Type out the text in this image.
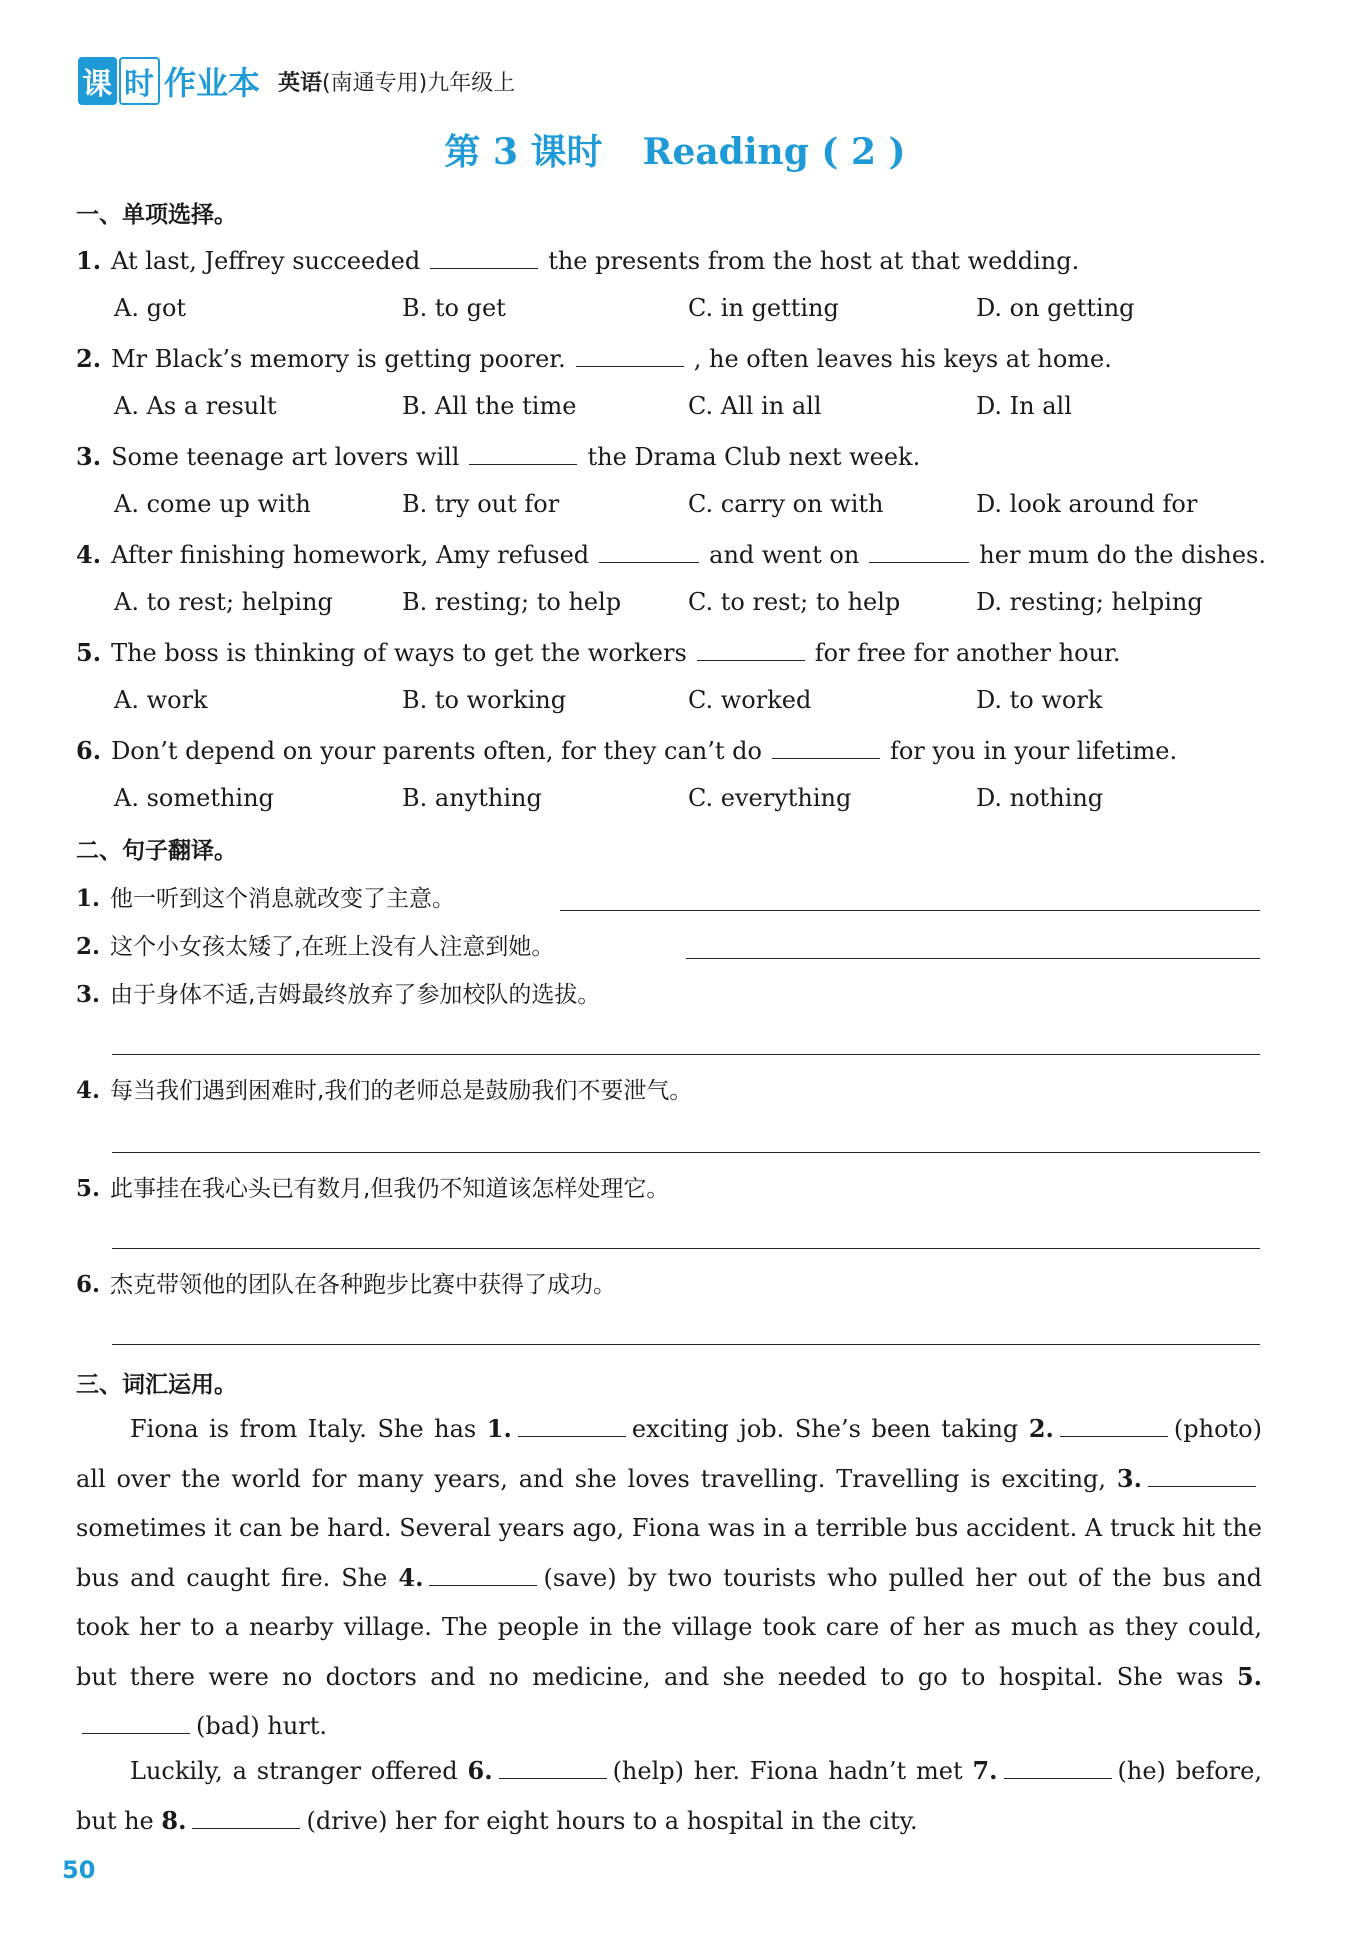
课 时 作业本 英语(南通专用)九年级上
第 3 课时 Reading ( 2 )
一、单项选择。
1. At last, Jeffrey succeeded	the presents from the host at that wedding.
A. got	B. to get	C. in getting	D. on getting
2. Mr Black’s memory is getting poorer.	, he often leaves his keys at home.
A. As a result	B. All the time	C. All in all	D. In all
3. Some teenage art lovers will	the Drama Club next week.
A. come up with	B. try out for	C. carry on with	D. look around for
4. After finishing homework, Amy refused	and went on	her mum do the dishes.
A. to rest; helping	B. resting; to help	C. to rest; to help	D. resting; helping
5. The boss is thinking of ways to get the workers	for free for another hour.
A. work	B. to working	C. worked	D. to work
6. Don’t depend on your parents often, for they can’t do	for you in your lifetime.
A. something	B. anything	C. everything	D. nothing
二、句子翻译。
1. 他一听到这个消息就改变了主意。
2. 这个小女孩太矮了,在班上没有人注意到她。
3. 由于身体不适,吉姆最终放弃了参加校队的选拔。
4. 每当我们遇到困难时,我们的老师总是鼓励我们不要泄气。
5. 此事挂在我心头已有数月,但我仍不知道该怎样处理它。
6. 杰克带领他的团队在各种跑步比赛中获得了成功。
三、词汇运用。
Fiona is from Italy. She has 1.	exciting job. She’s been taking 2.	(photo) all over the world for many years, and she loves travelling. Travelling is exciting, 3. sometimes it can be hard. Several years ago, Fiona was in a terrible bus accident. A truck hit the bus and caught fire. She 4.	(save) by two tourists who pulled her out of the bus and took her to a nearby village. The people in the village took care of her as much as they could, but there were no doctors and no medicine, and she needed to go to hospital. She was 5.(bad) hurt.
Luckily, a stranger offered 6.	(help) her. Fiona hadn’t met 7.	(he) before, but he 8.	(drive) her for eight hours to a hospital in the city.
50
